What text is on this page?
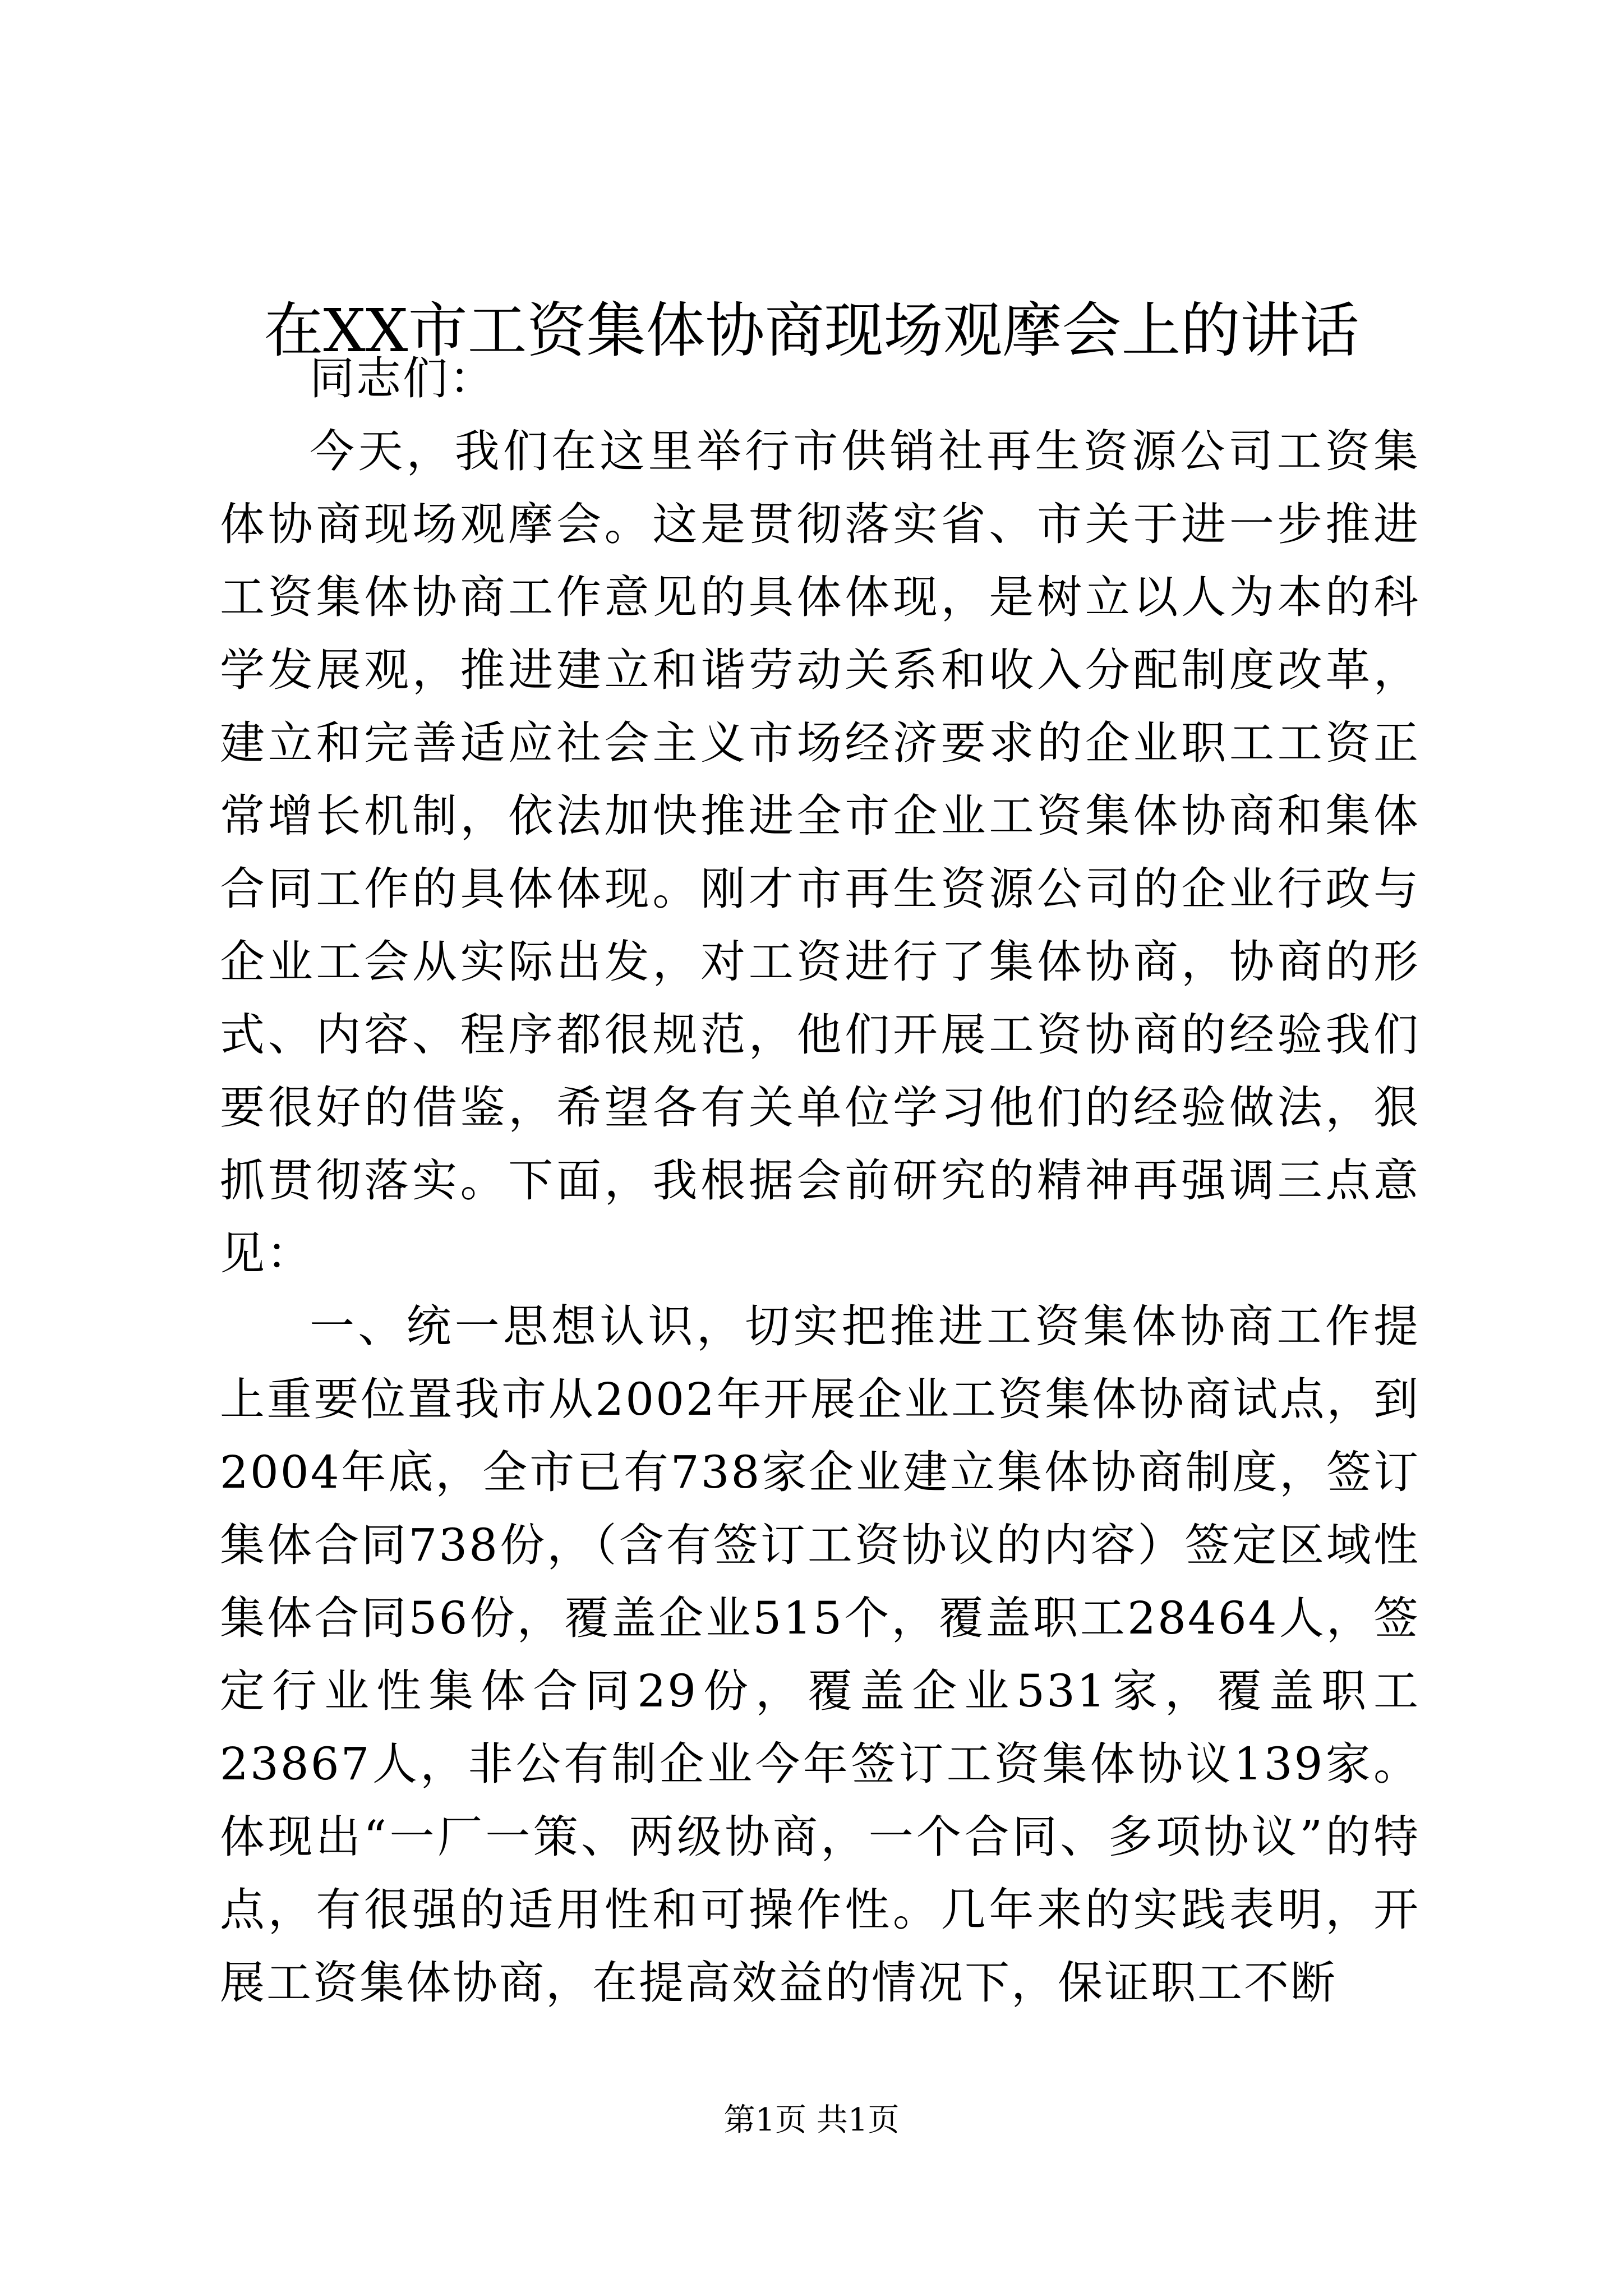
在XX市工资集体协商现场观摩会上的讲话

同志们：

今天，我们在这里举行市供销社再生资源公司工资集体协商现场观摩会。这是贯彻落实省、市关于进一步推进工资集体协商工作意见的具体体现，是树立以人为本的科学发展观，推进建立和谐劳动关系和收入分配制度改革，建立和完善适应社会主义市场经济要求的企业职工工资正常增长机制，依法加快推进全市企业工资集体协商和集体合同工作的具体体现。刚才市再生资源公司的企业行政与企业工会从实际出发，对工资进行了集体协商，协商的形式、内容、程序都很规范，他们开展工资协商的经验我们要很好的借鉴，希望各有关单位学习他们的经验做法，狠抓贯彻落实。下面，我根据会前研究的精神再强调三点意见：

一、统一思想认识，切实把推进工资集体协商工作提上重要位置我市从2002年开展企业工资集体协商试点，到2004年底，全市已有738家企业建立集体协商制度，签订集体合同738份，（含有签订工资协议的内容）签定区域性集体合同56份，覆盖企业515个，覆盖职工28464人，签定行业性集体合同29份，覆盖企业531家，覆盖职工23867人，非公有制企业今年签订工资集体协议139家。体现出“一厂一策、两级协商，一个合同、多项协议”的特点，有很强的适用性和可操作性。几年来的实践表明，开展工资集体协商，在提高效益的情况下，保证职工不断

第1页 共1页
